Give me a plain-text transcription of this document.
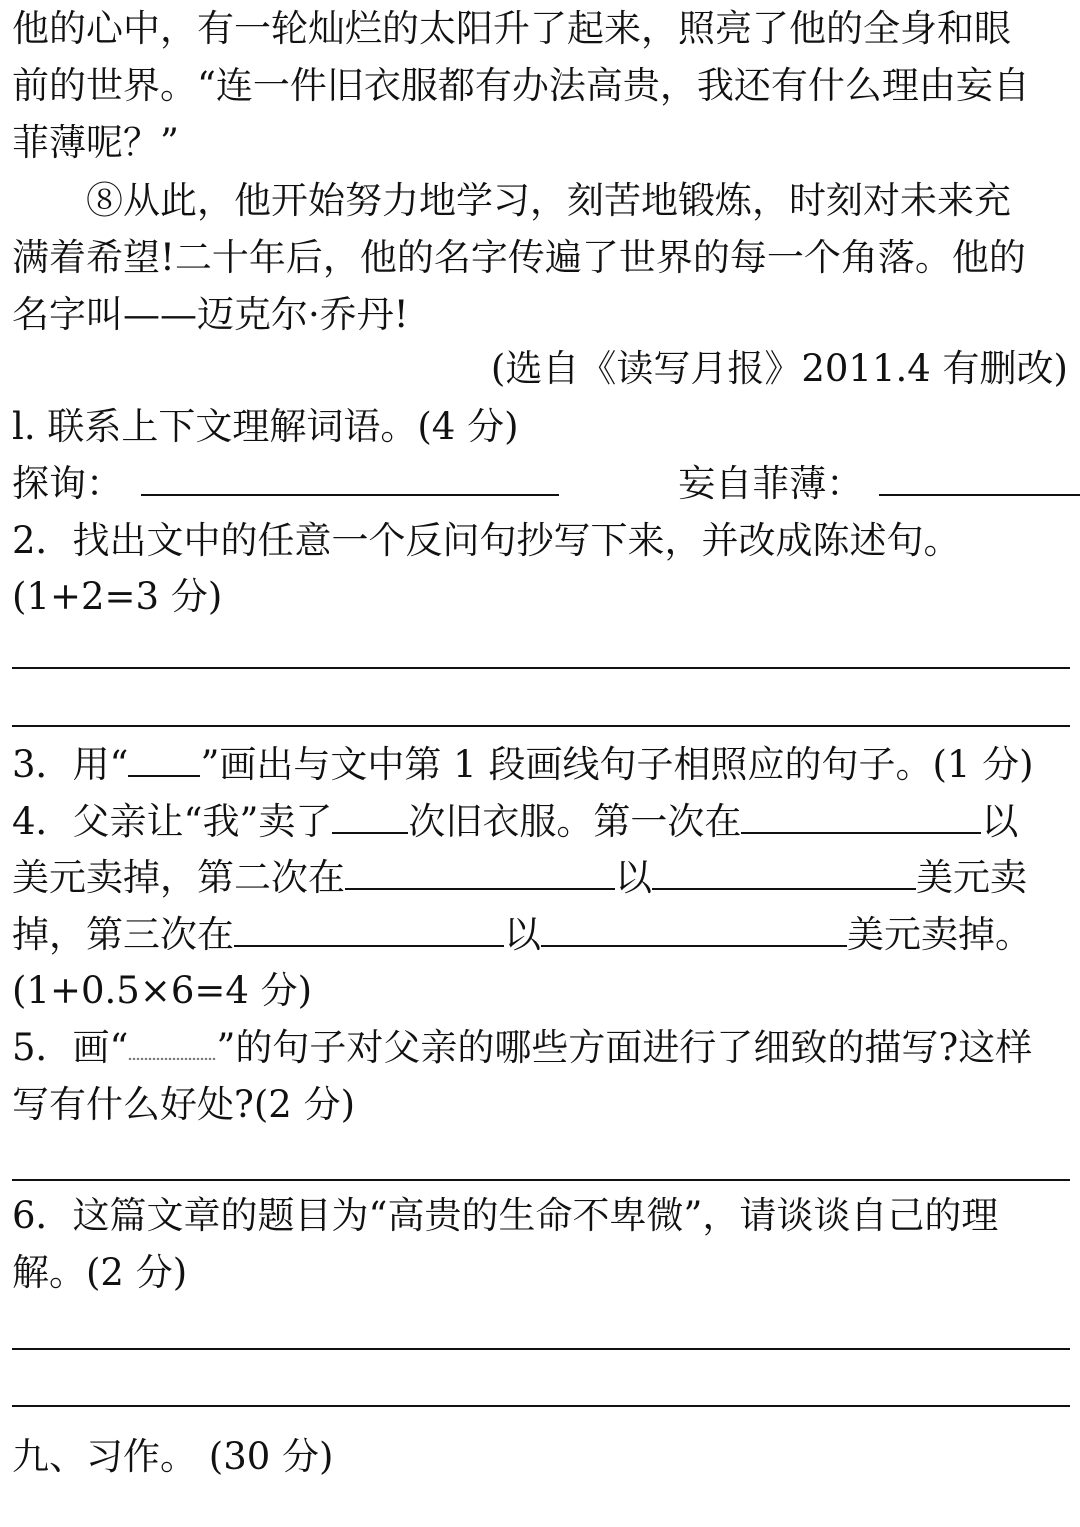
他的心中，有一轮灿烂的太阳升了起来，照亮了他的全身和眼
前的世界。“连一件旧衣服都有办法高贵，我还有什么理由妄自
菲薄呢？”
⑧从此，他开始努力地学习，刻苦地锻炼，时刻对未来充
满着希望!二十年后，他的名字传遍了世界的每一个角落。他的
名字叫——迈克尔·乔丹!
(选自《读写月报》2011.4 有删改)
l. 联系上下文理解词语。(4 分)
探询：	妄自菲薄：
2．找出文中的任意一个反问句抄写下来，并改成陈述句。
(1+2=3 分)
3．用“ ”画出与文中第 1 段画线句子相照应的句子。(1 分)
4．父亲让“我”卖了 次旧衣服。第一次在	以
美元卖掉，第二次在	以	美元卖
掉，第三次在	以	美元卖掉。
(1+0.5×6=4 分)
5．画“ ”的句子对父亲的哪些方面进行了细致的描写?这样
写有什么好处?(2 分)
6．这篇文章的题目为“高贵的生命不卑微”，请谈谈自己的理
解。(2 分)
九、习作。 (30 分)
